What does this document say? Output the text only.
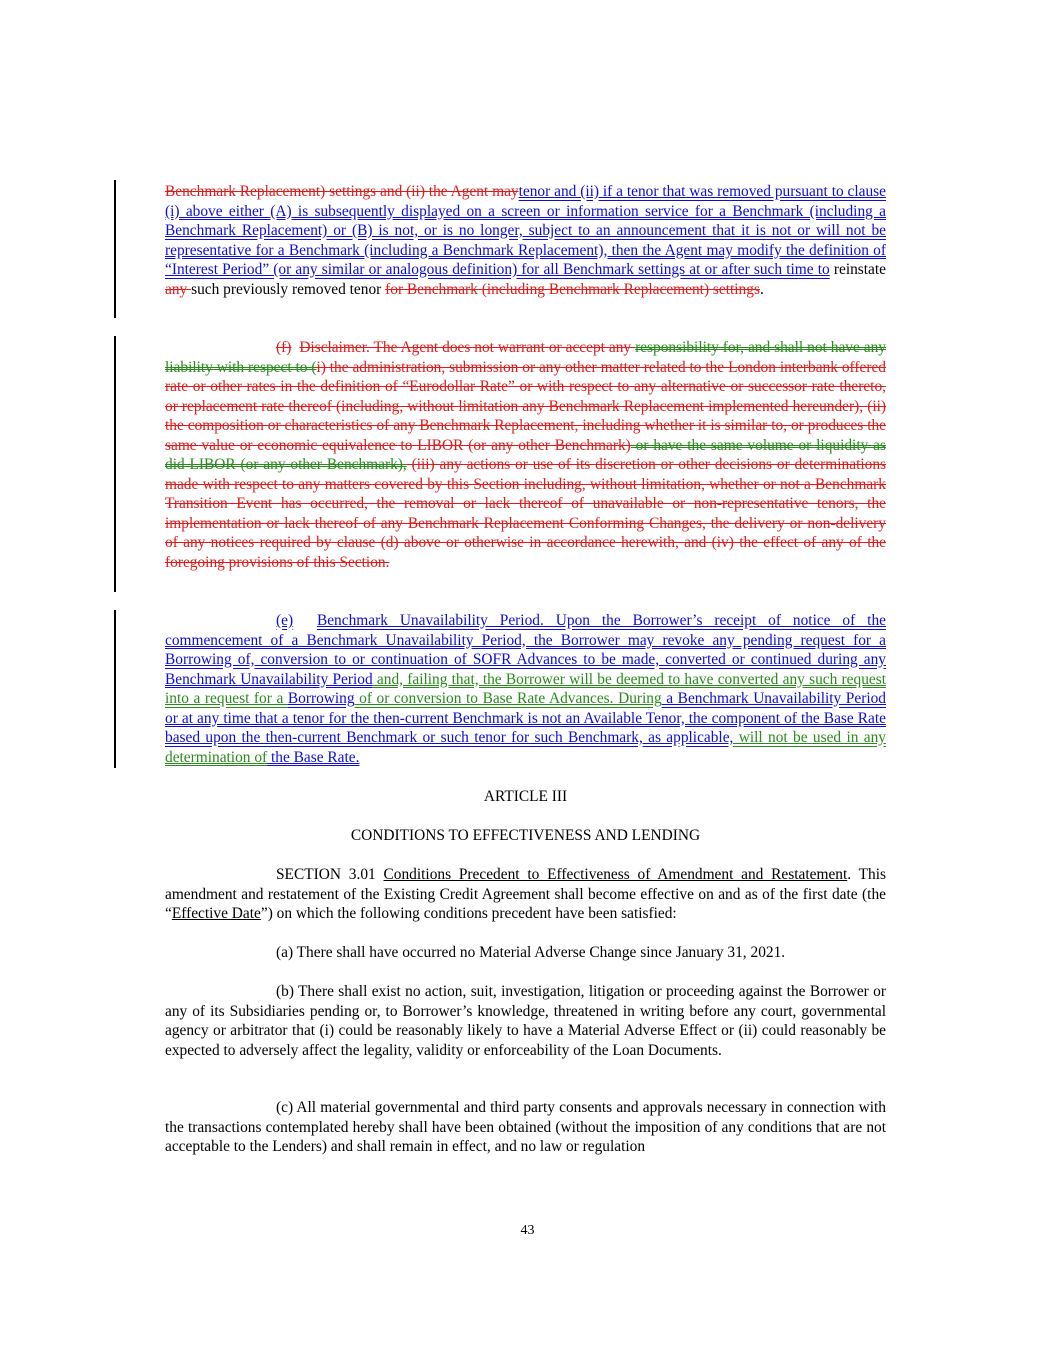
Benchmark Replacement) settings and (ii) the Agent maytenor and (ii) if a tenor that was removed pursuant to clause (i) above either (A) is subsequently displayed on a screen or information service for a Benchmark (including a Benchmark Replacement) or (B) is not, or is no longer, subject to an announcement that it is not or will not be representative for a Benchmark (including a Benchmark Replacement), then the Agent may modify the definition of “Interest Period” (or any similar or analogous definition) for all Benchmark settings at or after such time to reinstate any such previously removed tenor for Benchmark (including Benchmark Replacement) settings.

(f) Disclaimer. The Agent does not warrant or accept any responsibility for, and shall not have any liability with respect to (i) the administration, submission or any other matter related to the London interbank offered rate or other rates in the definition of “Eurodollar Rate” or with respect to any alternative or successor rate thereto, or replacement rate thereof (including, without limitation any Benchmark Replacement implemented hereunder), (ii) the composition or characteristics of any Benchmark Replacement, including whether it is similar to, or produces the same value or economic equivalence to LIBOR (or any other Benchmark) or have the same volume or liquidity as did LIBOR (or any other Benchmark), (iii) any actions or use of its discretion or other decisions or determinations made with respect to any matters covered by this Section including, without limitation, whether or not a Benchmark Transition Event has occurred, the removal or lack thereof of unavailable or non-representative tenors, the implementation or lack thereof of any Benchmark Replacement Conforming Changes, the delivery or non-delivery of any notices required by clause (d) above or otherwise in accordance herewith, and (iv) the effect of any of the foregoing provisions of this Section.

(e) Benchmark Unavailability Period. Upon the Borrower’s receipt of notice of the commencement of a Benchmark Unavailability Period, the Borrower may revoke any pending request for a Borrowing of, conversion to or continuation of SOFR Advances to be made, converted or continued during any Benchmark Unavailability Period and, failing that, the Borrower will be deemed to have converted any such request into a request for a Borrowing of or conversion to Base Rate Advances. During a Benchmark Unavailability Period or at any time that a tenor for the then-current Benchmark is not an Available Tenor, the component of the Base Rate based upon the then-current Benchmark or such tenor for such Benchmark, as applicable, will not be used in any determination of the Base Rate.

ARTICLE III
CONDITIONS TO EFFECTIVENESS AND LENDING

SECTION 3.01 Conditions Precedent to Effectiveness of Amendment and Restatement. This amendment and restatement of the Existing Credit Agreement shall become effective on and as of the first date (the “Effective Date”) on which the following conditions precedent have been satisfied:

(a) There shall have occurred no Material Adverse Change since January 31, 2021.

(b) There shall exist no action, suit, investigation, litigation or proceeding against the Borrower or any of its Subsidiaries pending or, to Borrower’s knowledge, threatened in writing before any court, governmental agency or arbitrator that (i) could be reasonably likely to have a Material Adverse Effect or (ii) could reasonably be expected to adversely affect the legality, validity or enforceability of the Loan Documents.

(c) All material governmental and third party consents and approvals necessary in connection with the transactions contemplated hereby shall have been obtained (without the imposition of any conditions that are not acceptable to the Lenders) and shall remain in effect, and no law or regulation

43
